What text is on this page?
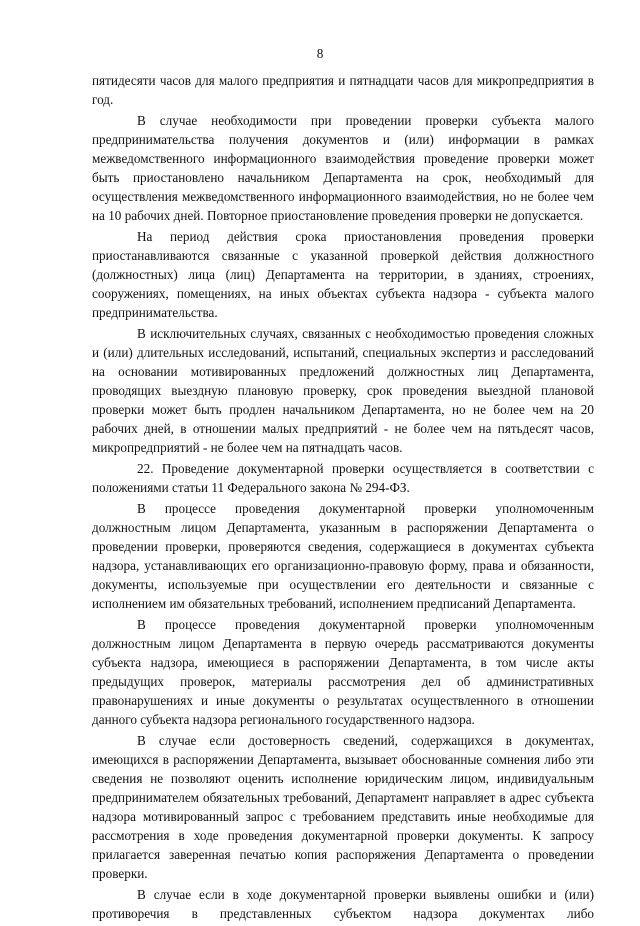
8

пятидесяти часов для малого предприятия и пятнадцати часов для микропредприятия в год.

В случае необходимости при проведении проверки субъекта малого предпринимательства получения документов и (или) информации в рамках межведомственного информационного взаимодействия проведение проверки может быть приостановлено начальником Департамента на срок, необходимый для осуществления межведомственного информационного взаимодействия, но не более чем на 10 рабочих дней. Повторное приостановление проведения проверки не допускается.

На период действия срока приостановления проведения проверки приостанавливаются связанные с указанной проверкой действия должностного (должностных) лица (лиц) Департамента на территории, в зданиях, строениях, сооружениях, помещениях, на иных объектах субъекта надзора - субъекта малого предпринимательства.

В исключительных случаях, связанных с необходимостью проведения сложных и (или) длительных исследований, испытаний, специальных экспертиз и расследований на основании мотивированных предложений должностных лиц Департамента, проводящих выездную плановую проверку, срок проведения выездной плановой проверки может быть продлен начальником Департамента, но не более чем на 20 рабочих дней, в отношении малых предприятий - не более чем на пятьдесят часов, микропредприятий - не более чем на пятнадцать часов.

22. Проведение документарной проверки осуществляется в соответствии с положениями статьи 11 Федерального закона № 294-ФЗ.

В процессе проведения документарной проверки уполномоченным должностным лицом Департамента, указанным в распоряжении Департамента о проведении проверки, проверяются сведения, содержащиеся в документах субъекта надзора, устанавливающих его организационно-правовую форму, права и обязанности, документы, используемые при осуществлении его деятельности и связанные с исполнением им обязательных требований, исполнением предписаний Департамента.

В процессе проведения документарной проверки уполномоченным должностным лицом Департамента в первую очередь рассматриваются документы субъекта надзора, имеющиеся в распоряжении Департамента, в том числе акты предыдущих проверок, материалы рассмотрения дел об административных правонарушениях и иные документы о результатах осуществленного в отношении данного субъекта надзора регионального государственного надзора.

В случае если достоверность сведений, содержащихся в документах, имеющихся в распоряжении Департамента, вызывает обоснованные сомнения либо эти сведения не позволяют оценить исполнение юридическим лицом, индивидуальным предпринимателем обязательных требований, Департамент направляет в адрес субъекта надзора мотивированный запрос с требованием представить иные необходимые для рассмотрения в ходе проведения документарной проверки документы. К запросу прилагается заверенная печатью копия распоряжения Департамента о проведении проверки.

В случае если в ходе документарной проверки выявлены ошибки и (или) противоречия в представленных субъектом надзора документах либо
